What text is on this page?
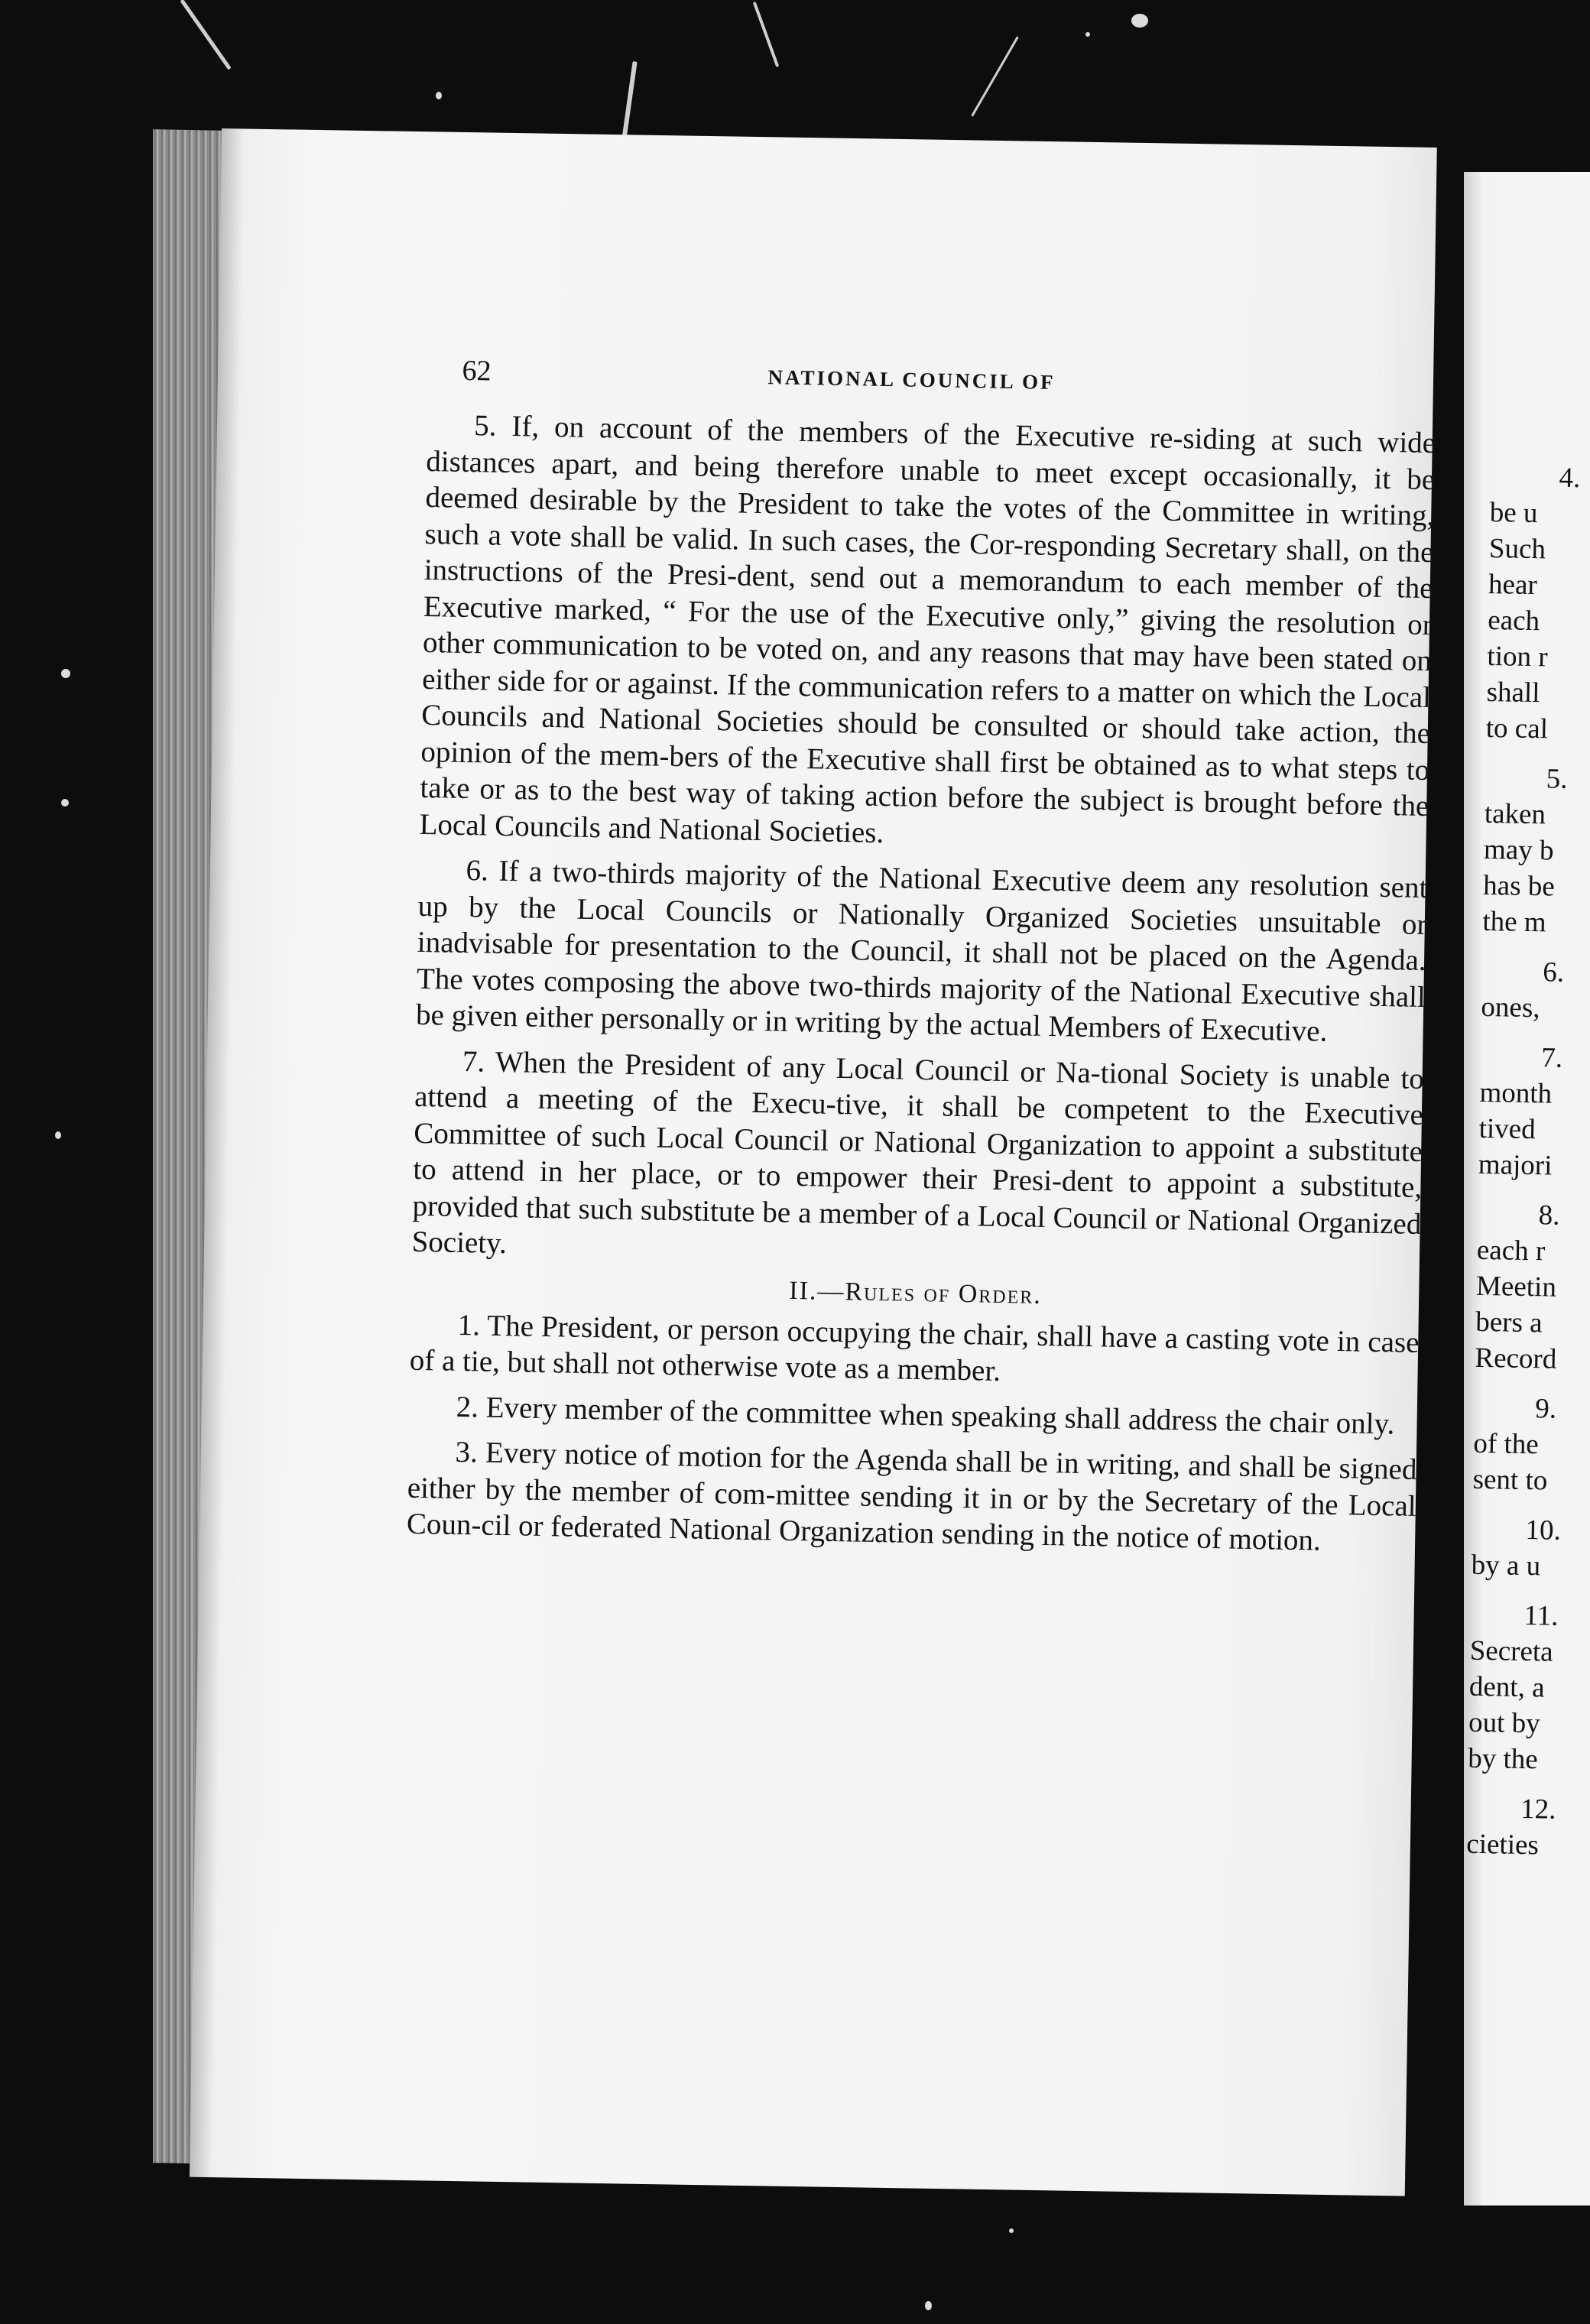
62	NATIONAL COUNCIL OF

5. If, on account of the members of the Executive re-siding at such wide distances apart, and being therefore unable to meet except occasionally, it be deemed desirable by the President to take the votes of the Committee in writing, such a vote shall be valid. In such cases, the Cor-responding Secretary shall, on the instructions of the Presi-dent, send out a memorandum to each member of the Executive marked, “ For the use of the Executive only,” giving the resolution or other communication to be voted on, and any reasons that may have been stated on either side for or against. If the communication refers to a matter on which the Local Councils and National Societies should be consulted or should take action, the opinion of the mem-bers of the Executive shall first be obtained as to what steps to take or as to the best way of taking action before the subject is brought before the Local Councils and National Societies.

6. If a two-thirds majority of the National Executive deem any resolution sent up by the Local Councils or Nationally Organized Societies unsuitable or inadvisable for presentation to the Council, it shall not be placed on the Agenda. The votes composing the above two-thirds majority of the National Executive shall be given either personally or in writing by the actual Members of Executive.

7. When the President of any Local Council or Na-tional Society is unable to attend a meeting of the Execu-tive, it shall be competent to the Executive Committee of such Local Council or National Organization to appoint a substitute to attend in her place, or to empower their Presi-dent to appoint a substitute, provided that such substitute be a member of a Local Council or National Organized Society.

II.—Rules of Order.

1. The President, or person occupying the chair, shall have a casting vote in case of a tie, but shall not otherwise vote as a member.

2. Every member of the committee when speaking shall address the chair only.

3. Every notice of motion for the Agenda shall be in writing, and shall be signed either by the member of com-mittee sending it in or by the Secretary of the Local Coun-cil or federated National Organization sending in the notice of motion.

4.
be u
Such
hear
each
tion r
shall
to cal
5.
taken
may b
has be
the m
6.
ones,
7.
month
tived
majori
8.
each r
Meetin
bers a
Record
9.
of the
sent to
10.
by a u
11.
Secreta
dent, a
out by
by the
12.
cieties
